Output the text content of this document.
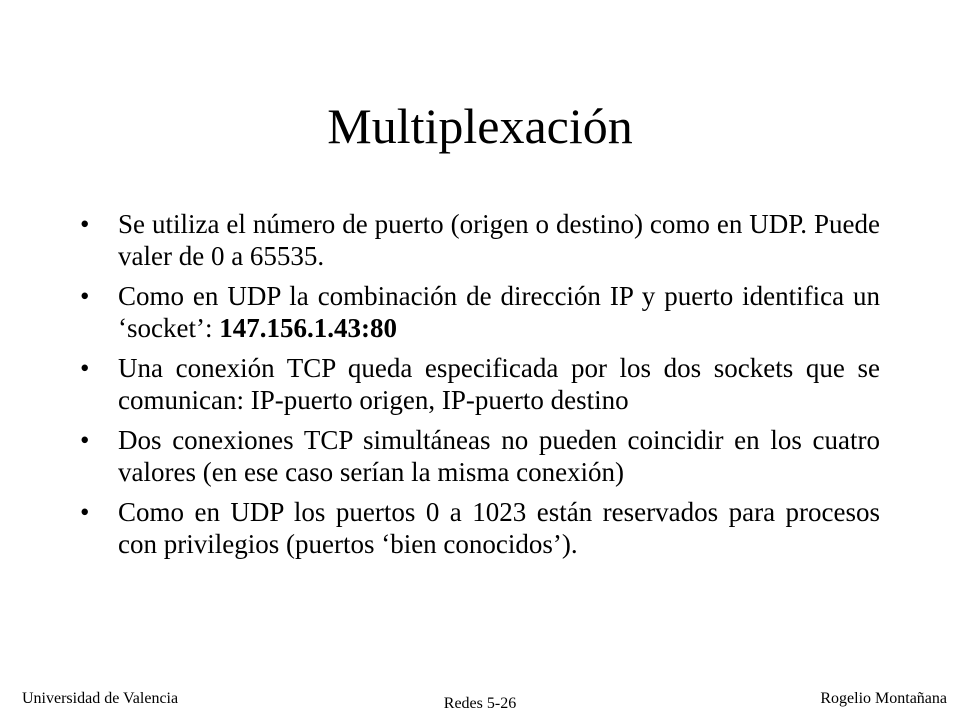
Multiplexación
• Se utiliza el número de puerto (origen o destino) como en UDP. Puede valer de 0 a 65535.
• Como en UDP la combinación de dirección IP y puerto identifica un ‘socket’: 147.156.1.43:80
• Una conexión TCP queda especificada por los dos sockets que se comunican: IP-puerto origen, IP-puerto destino
• Dos conexiones TCP simultáneas no pueden coincidir en los cuatro valores (en ese caso serían la misma conexión)
• Como en UDP los puertos 0 a 1023 están reservados para procesos con privilegios (puertos ‘bien conocidos’).
Universidad de Valencia	Redes 5-26	Rogelio Montañana
